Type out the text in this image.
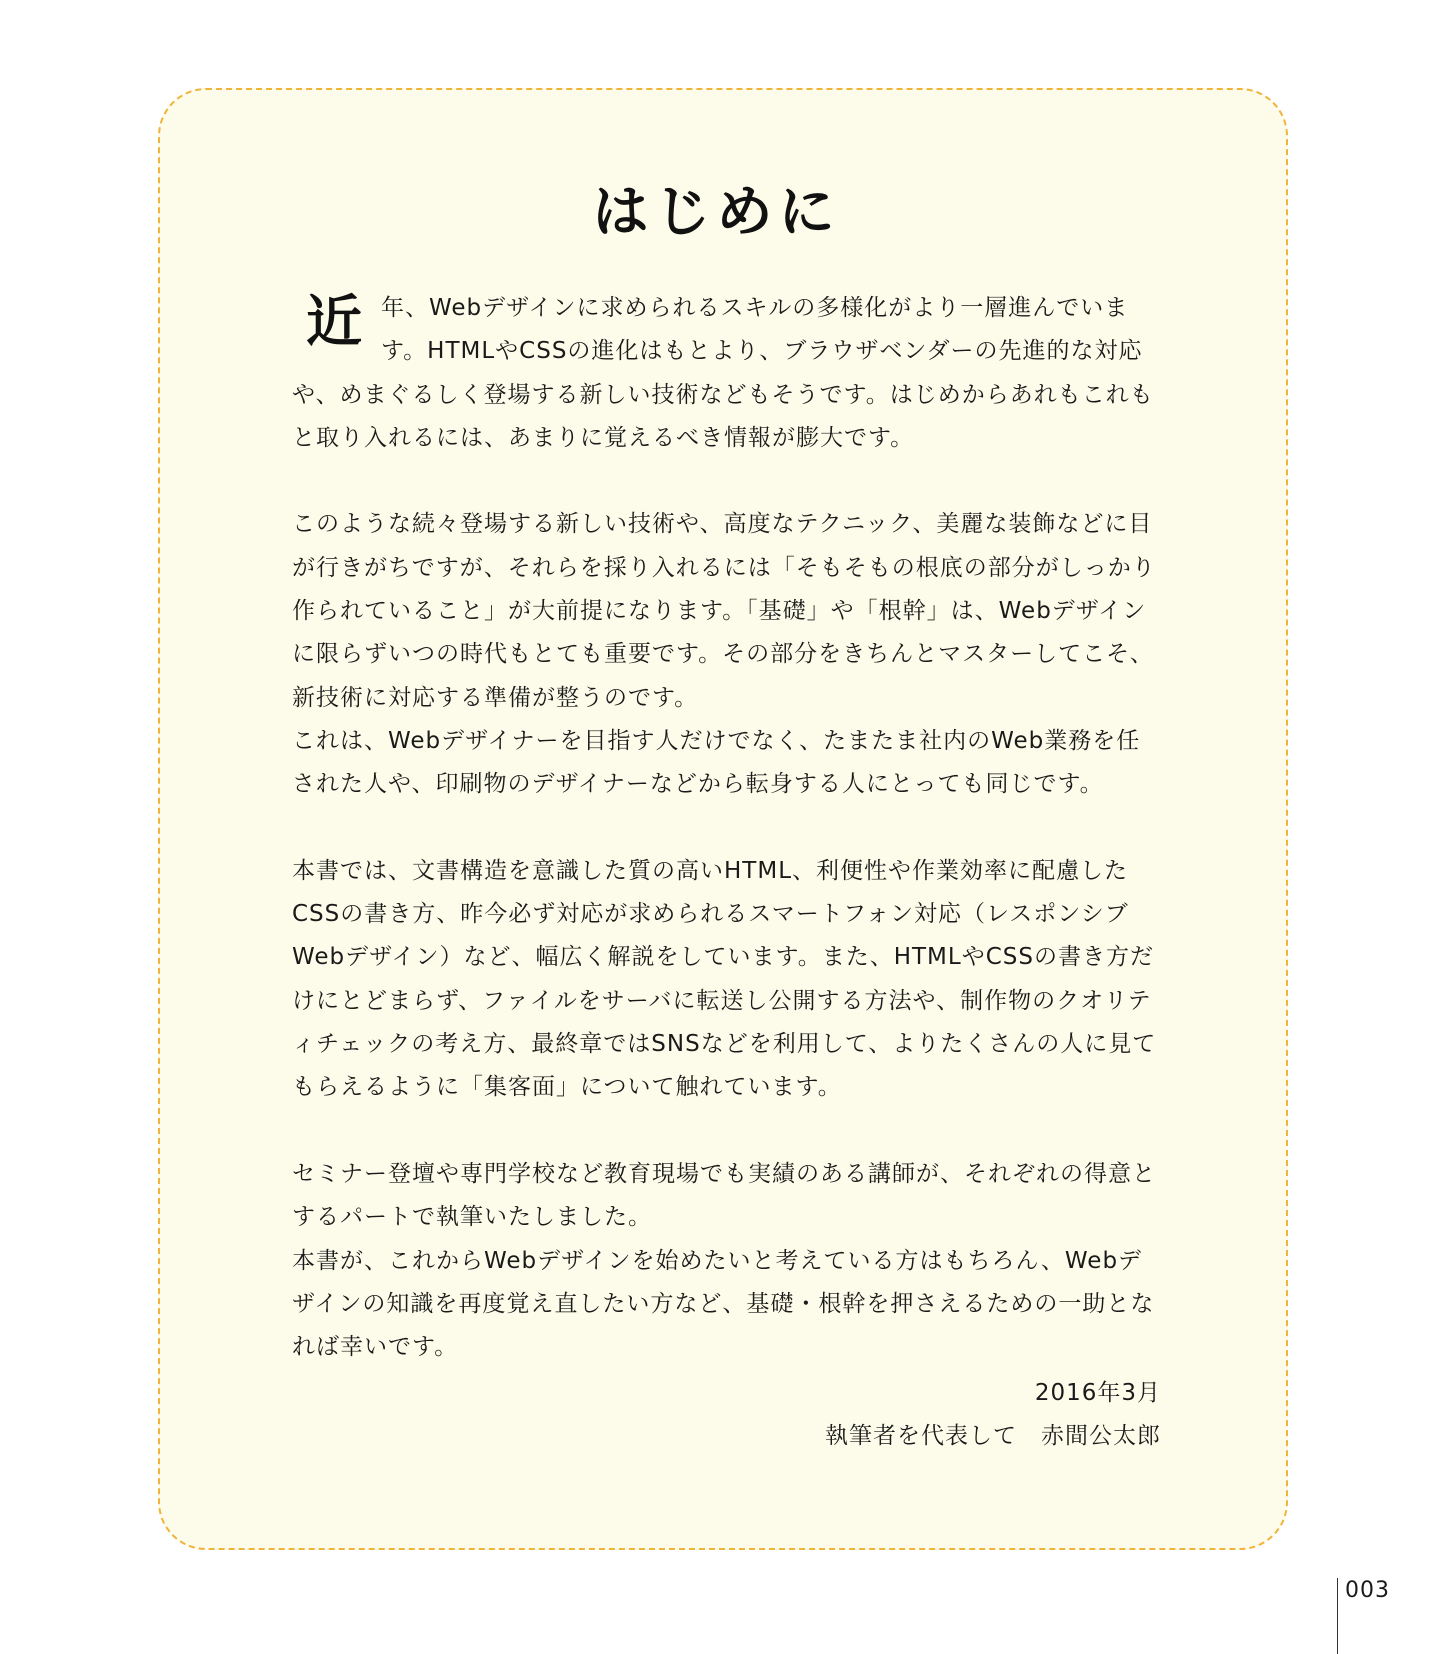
はじめに

近年、Webデザインに求められるスキルの多様化がより一層進んでいます。HTMLやCSSの進化はもとより、ブラウザベンダーの先進的な対応や、めまぐるしく登場する新しい技術などもそうです。はじめからあれもこれもと取り入れるには、あまりに覚えるべき情報が膨大です。

このような続々登場する新しい技術や、高度なテクニック、美麗な装飾などに目が行きがちですが、それらを採り入れるには「そもそもの根底の部分がしっかり作られていること」が大前提になります。「基礎」や「根幹」は、Webデザインに限らずいつの時代もとても重要です。その部分をきちんとマスターしてこそ、新技術に対応する準備が整うのです。

これは、Webデザイナーを目指す人だけでなく、たまたま社内のWeb業務を任された人や、印刷物のデザイナーなどから転身する人にとっても同じです。

本書では、文書構造を意識した質の高いHTML、利便性や作業効率に配慮したCSSの書き方、昨今必ず対応が求められるスマートフォン対応（レスポンシブWebデザイン）など、幅広く解説をしています。また、HTMLやCSSの書き方だけにとどまらず、ファイルをサーバに転送し公開する方法や、制作物のクオリティチェックの考え方、最終章ではSNSなどを利用して、よりたくさんの人に見てもらえるように「集客面」について触れています。

セミナー登壇や専門学校など教育現場でも実績のある講師が、それぞれの得意とするパートで執筆いたしました。

本書が、これからWebデザインを始めたいと考えている方はもちろん、Webデザインの知識を再度覚え直したい方など、基礎・根幹を押さえるための一助となれば幸いです。

2016年3月
執筆者を代表して　赤間公太郎
003
